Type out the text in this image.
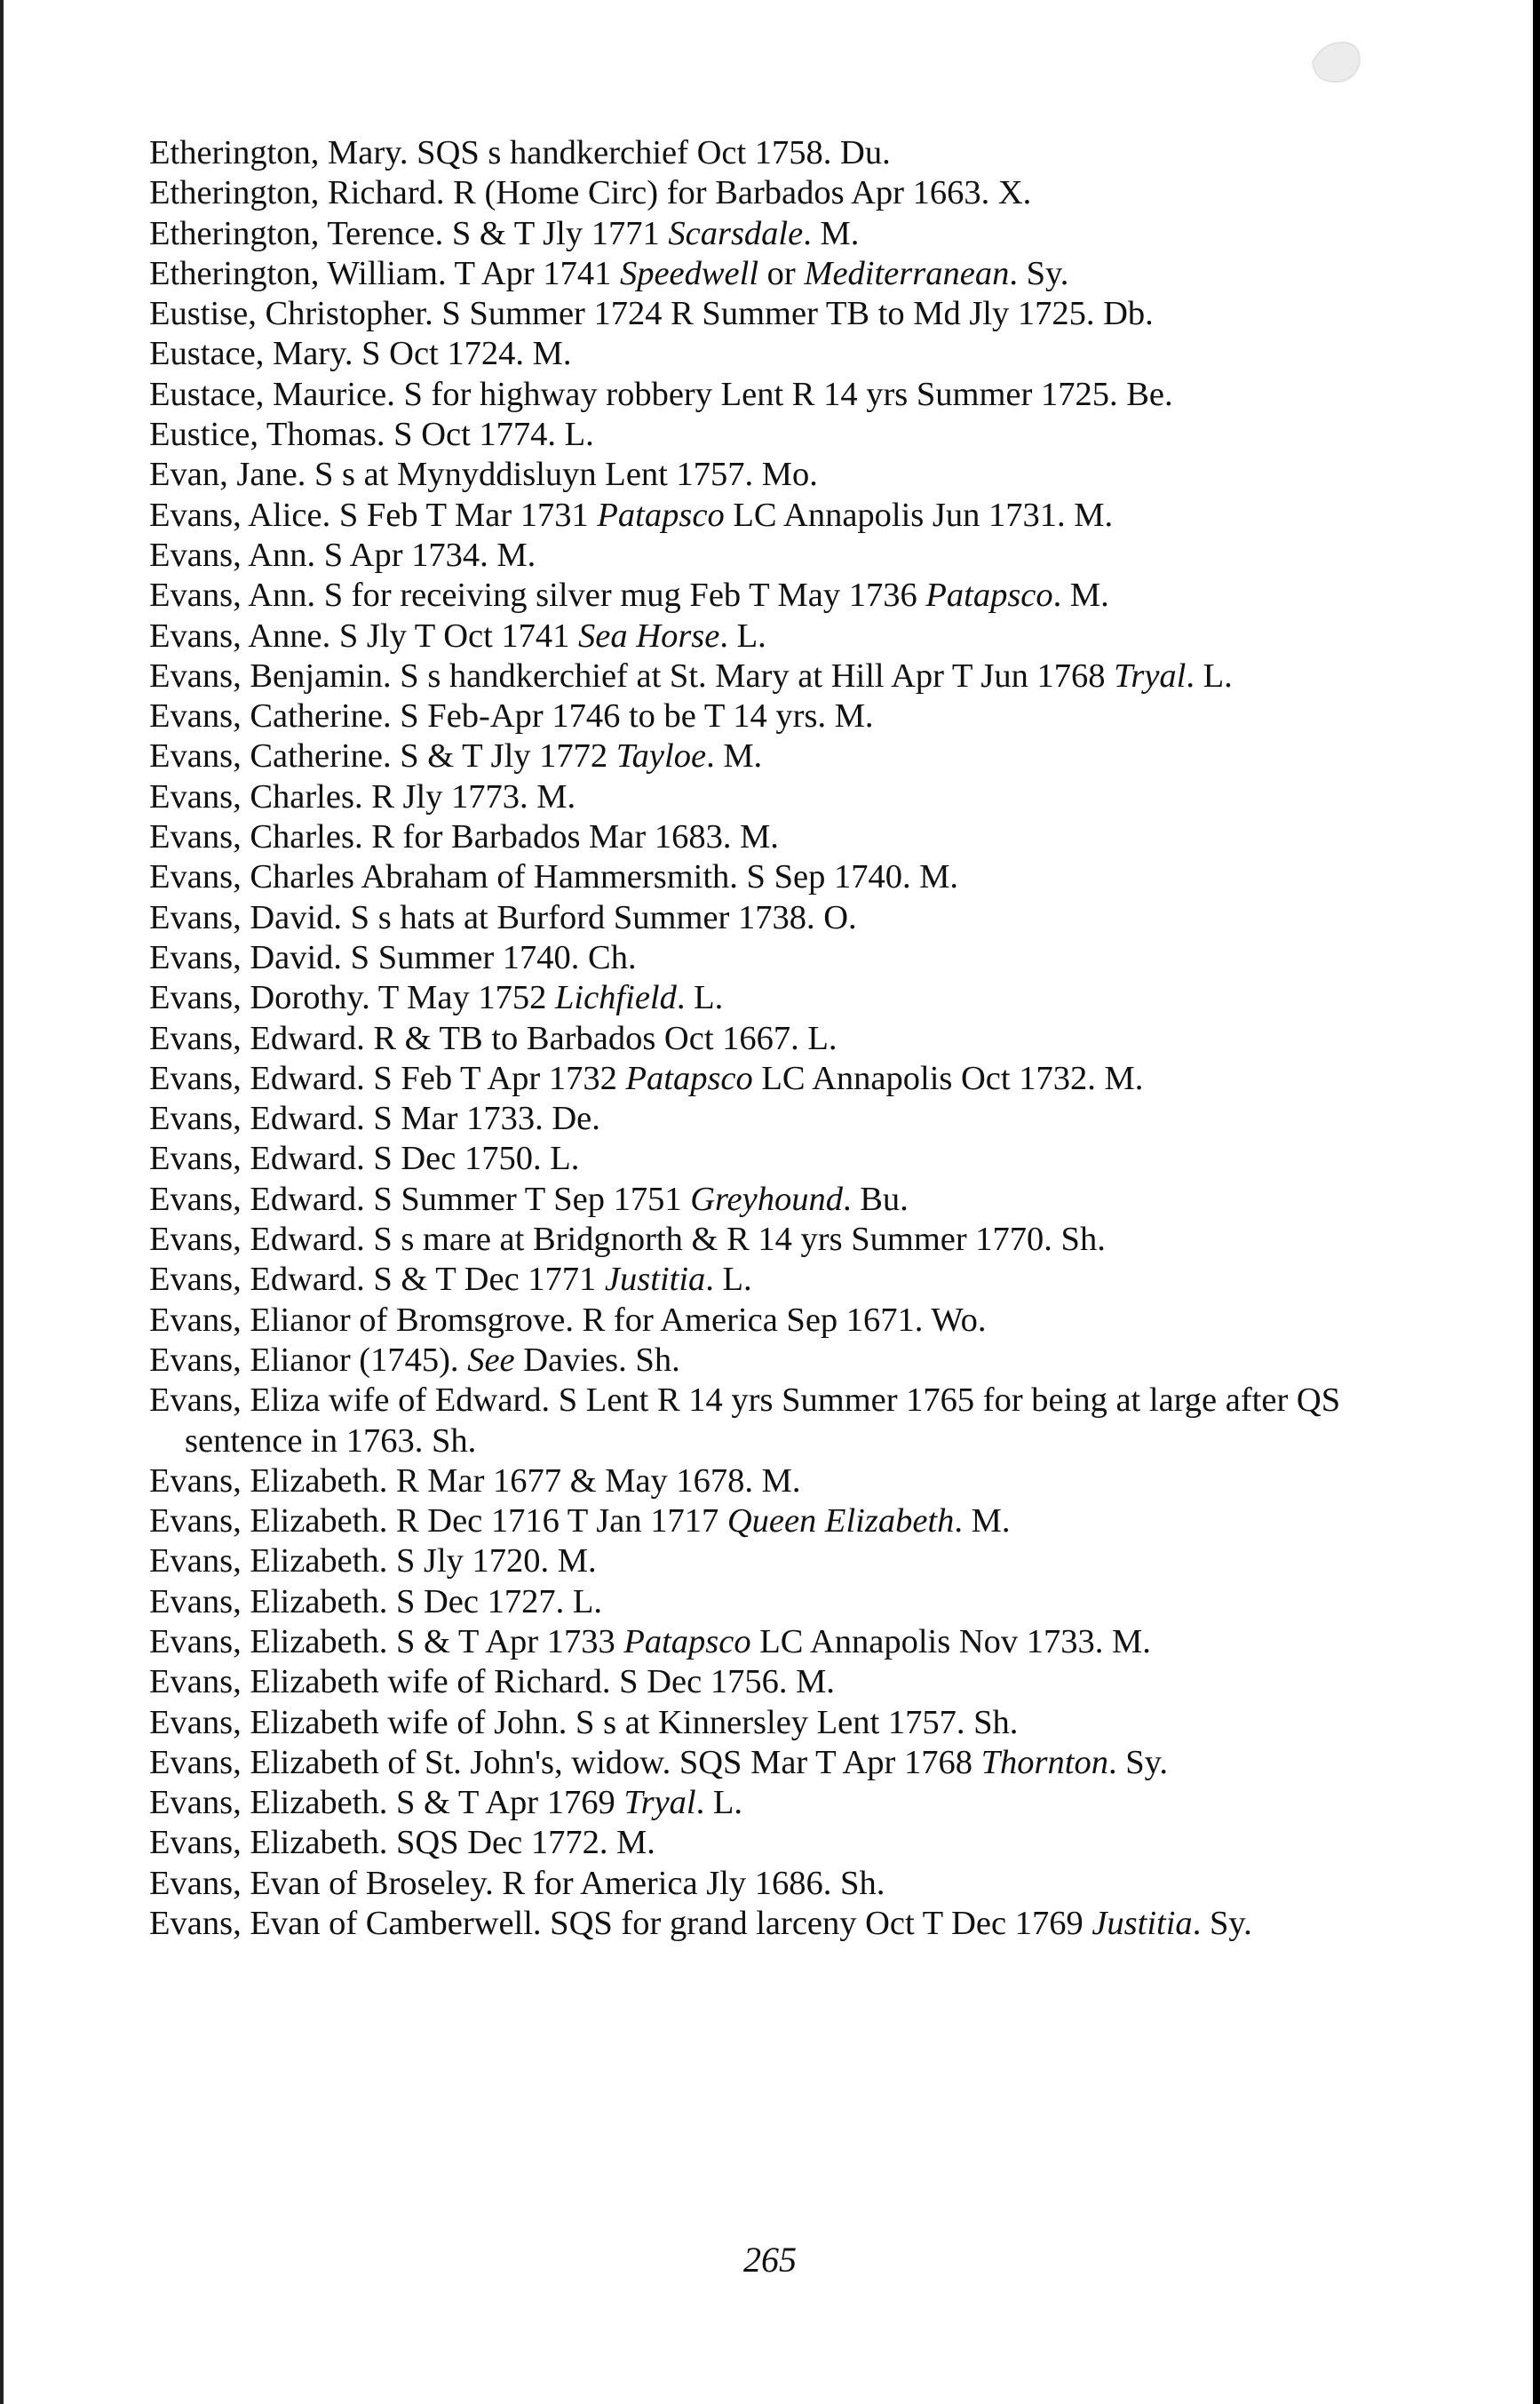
Etherington, Mary. SQS s handkerchief Oct 1758. Du.
Etherington, Richard. R (Home Circ) for Barbados Apr 1663. X.
Etherington, Terence. S & T Jly 1771 Scarsdale. M.
Etherington, William. T Apr 1741 Speedwell or Mediterranean. Sy.
Eustise, Christopher. S Summer 1724 R Summer TB to Md Jly 1725. Db.
Eustace, Mary. S Oct 1724. M.
Eustace, Maurice. S for highway robbery Lent R 14 yrs Summer 1725. Be.
Eustice, Thomas. S Oct 1774. L.
Evan, Jane. S s at Mynyddisluyn Lent 1757. Mo.
Evans, Alice. S Feb T Mar 1731 Patapsco LC Annapolis Jun 1731. M.
Evans, Ann. S Apr 1734. M.
Evans, Ann. S for receiving silver mug Feb T May 1736 Patapsco. M.
Evans, Anne. S Jly T Oct 1741 Sea Horse. L.
Evans, Benjamin. S s handkerchief at St. Mary at Hill Apr T Jun 1768 Tryal. L.
Evans, Catherine. S Feb-Apr 1746 to be T 14 yrs. M.
Evans, Catherine. S & T Jly 1772 Tayloe. M.
Evans, Charles. R Jly 1773. M.
Evans, Charles. R for Barbados Mar 1683. M.
Evans, Charles Abraham of Hammersmith. S Sep 1740. M.
Evans, David. S s hats at Burford Summer 1738. O.
Evans, David. S Summer 1740. Ch.
Evans, Dorothy. T May 1752 Lichfield. L.
Evans, Edward. R & TB to Barbados Oct 1667. L.
Evans, Edward. S Feb T Apr 1732 Patapsco LC Annapolis Oct 1732. M.
Evans, Edward. S Mar 1733. De.
Evans, Edward. S Dec 1750. L.
Evans, Edward. S Summer T Sep 1751 Greyhound. Bu.
Evans, Edward. S s mare at Bridgnorth & R 14 yrs Summer 1770. Sh.
Evans, Edward. S & T Dec 1771 Justitia. L.
Evans, Elianor of Bromsgrove. R for America Sep 1671. Wo.
Evans, Elianor (1745). See Davies. Sh.
Evans, Eliza wife of Edward. S Lent R 14 yrs Summer 1765 for being at large after QS sentence in 1763. Sh.
Evans, Elizabeth. R Mar 1677 & May 1678. M.
Evans, Elizabeth. R Dec 1716 T Jan 1717 Queen Elizabeth. M.
Evans, Elizabeth. S Jly 1720. M.
Evans, Elizabeth. S Dec 1727. L.
Evans, Elizabeth. S & T Apr 1733 Patapsco LC Annapolis Nov 1733. M.
Evans, Elizabeth wife of Richard. S Dec 1756. M.
Evans, Elizabeth wife of John. S s at Kinnersley Lent 1757. Sh.
Evans, Elizabeth of St. John's, widow. SQS Mar T Apr 1768 Thornton. Sy.
Evans, Elizabeth. S & T Apr 1769 Tryal. L.
Evans, Elizabeth. SQS Dec 1772. M.
Evans, Evan of Broseley. R for America Jly 1686. Sh.
Evans, Evan of Camberwell. SQS for grand larceny Oct T Dec 1769 Justitia. Sy.
265
